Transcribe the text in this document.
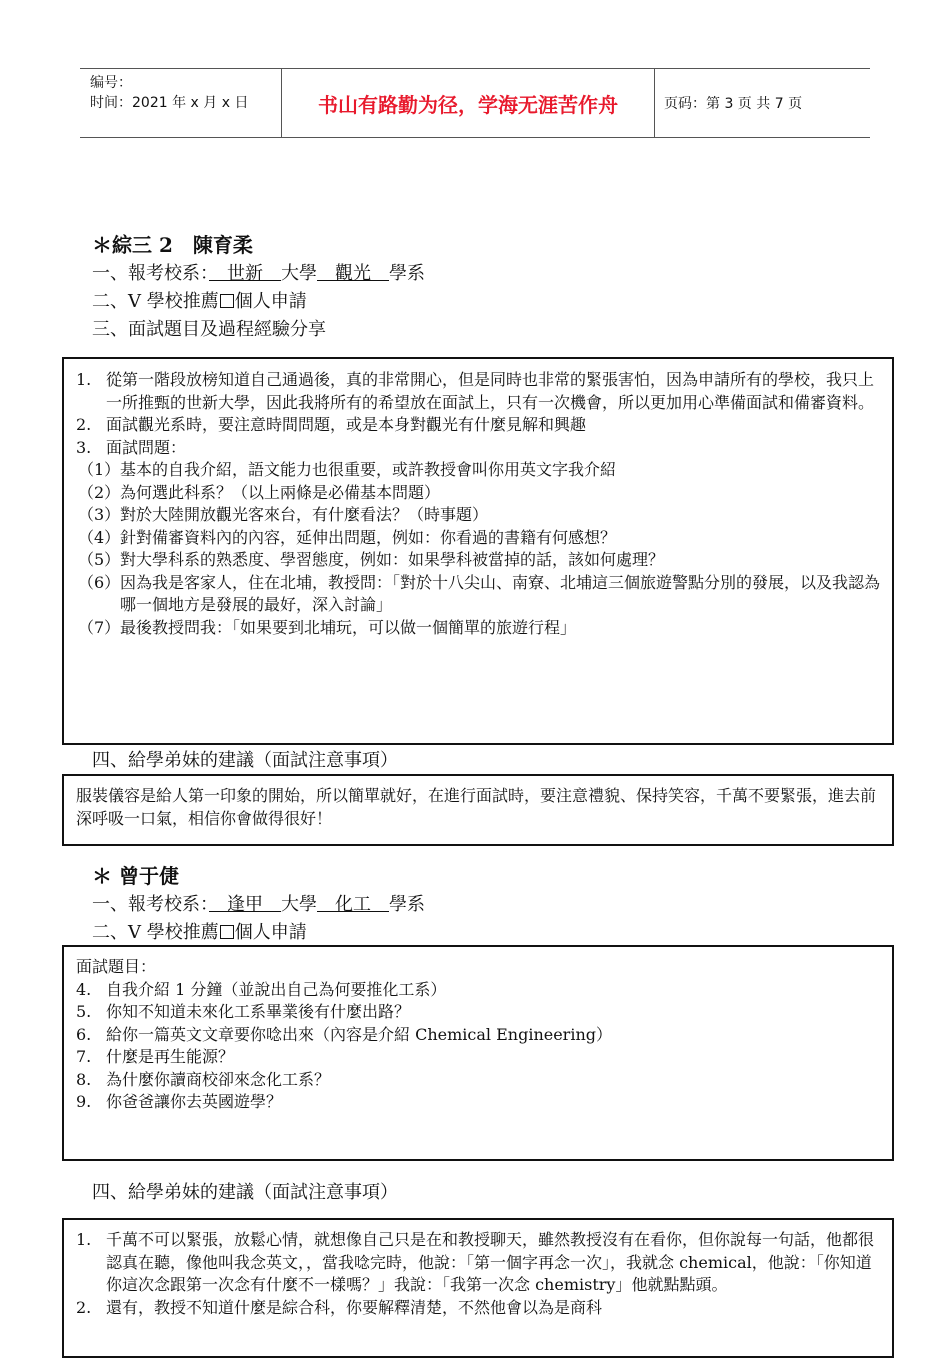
编号：
时间：2021 年 x 月 x 日	书山有路勤为径，学海无涯苦作舟	页码：第 3 页 共 7 页
＊綜三 2　陳育柔
一、報考校系：　世新　大學　觀光　學系
二、V 學校推薦 個人申請
三、面試題目及過程經驗分享

1. 從第一階段放榜知道自己通過後，真的非常開心，但是同時也非常的緊張害怕，因為申請所有的學校，我只上一所推甄的世新大學，因此我將所有的希望放在面試上，只有一次機會，所以更加用心準備面試和備審資料。

2. 面試觀光系時，要注意時間問題，或是本身對觀光有什麼見解和興趣

3. 面試問題：

（1） 基本的自我介紹，語文能力也很重要，或許教授會叫你用英文字我介紹

（2） 為何選此科系？（以上兩條是必備基本問題）

（3） 對於大陸開放觀光客來台，有什麼看法？（時事題）

（4） 針對備審資料內的內容，延伸出問題，例如：你看過的書籍有何感想？

（5） 對大學科系的熟悉度、學習態度，例如：如果學科被當掉的話，該如何處理？

（6） 因為我是客家人，住在北埔，教授問：「對於十八尖山、南寮、北埔這三個旅遊警點分別的發展，以及我認為哪一個地方是發展的最好，深入討論」

（7） 最後教授問我：「如果要到北埔玩，可以做一個簡單的旅遊行程」

四、給學弟妹的建議（面試注意事項）

服裝儀容是給人第一印象的開始，所以簡單就好，在進行面試時，要注意禮貌、保持笑容，千萬不要緊張，進去前深呼吸一口氣，相信你會做得很好！

＊ 曾于倢
一、報考校系：　逢甲　大學　化工　學系
二、V 學校推薦 個人申請

面試題目：

4. 自我介紹 1 分鐘（並說出自己為何要推化工系）

5. 你知不知道未來化工系畢業後有什麼出路？

6. 給你一篇英文文章要你唸出來（內容是介紹 Chemical Engineering）

7. 什麼是再生能源？

8. 為什麼你讀商校卻來念化工系？

9. 你爸爸讓你去英國遊學？

四、給學弟妹的建議（面試注意事項）

1. 千萬不可以緊張，放鬆心情，就想像自己只是在和教授聊天，雖然教授沒有在看你，但你說每一句話，他都很認真在聽，像他叫我念英文，，當我唸完時，他說：「第一個字再念一次」，我就念 chemical，他說：「你知道你這次念跟第一次念有什麼不一樣嗎？」我說：「我第一次念 chemistry」他就點點頭。

2. 還有，教授不知道什麼是綜合科，你要解釋清楚，不然他會以為是商科
